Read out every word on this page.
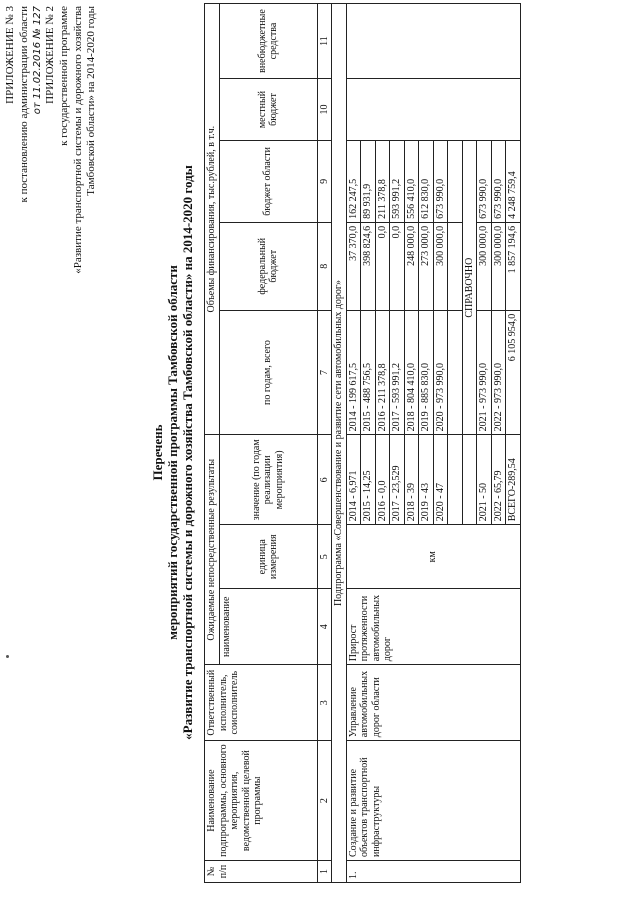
ПРИЛОЖЕНИЕ № 3 к постановлению администрации области от 11.02.2016 № 127 ПРИЛОЖЕНИЕ № 2 к государственной программе «Развитие транспортной системы и дорожного хозяйства Тамбовской области» на 2014-2020 годы
Перечень мероприятий государственной программы Тамбовской области «Развитие транспортной системы и дорожного хозяйства Тамбовской области» на 2014-2020 годы
№ п/п	Наименование подпрограммы, основного мероприятия, ведомственной целевой программы	Ответственный исполнитель, соисполнитель	Ожидаемые непосредственные результаты			Объемы финансирования, тыс.рублей, в т.ч.				
			наименование	единица измерения	значение (по годам реализации мероприятия)	по годам, всего	федеральный бюджет	бюджет области	местный бюджет	внебюджетные средства
1	2	3	4	5	6	7	8	9	10	11
Подпрограмма «Совершенствование и развитие сети автомобильных дорог»										
1.	Создание и развитие объектов транспортной инфраструктуры	Управление автомобильных дорог области	Прирост протяженности автомобильных дорог	км	2014 - 6,971	2014 - 199 617,5	37 370,0	162 247,5		
					2015 - 14,25	2015 - 488 756,5	398 824,6	89 931,9		
					2016 - 0,0	2016 - 211 378,8	0,0	211 378,8		
					2017 - 23,529	2017 - 593 991,2	0,0	593 991,2		
					2018 - 39	2018 - 804 410,0	248 000,0	556 410,0		
					2019 - 43	2019 - 885 830,0	273 000,0	612 830,0		
					2020 - 47	2020 - 973 990,0	300 000,0	673 990,0		

						СПРАВОЧНО				
					2021 - 50	2021 - 973 990,0	300 000,0	673 990,0		
					2022 - 65,79	2022 - 973 990,0	300 000,0	673 990,0		
					ВСЕГО-289,54	6 105 954,0	1 857 194,6	4 248 759,4		
